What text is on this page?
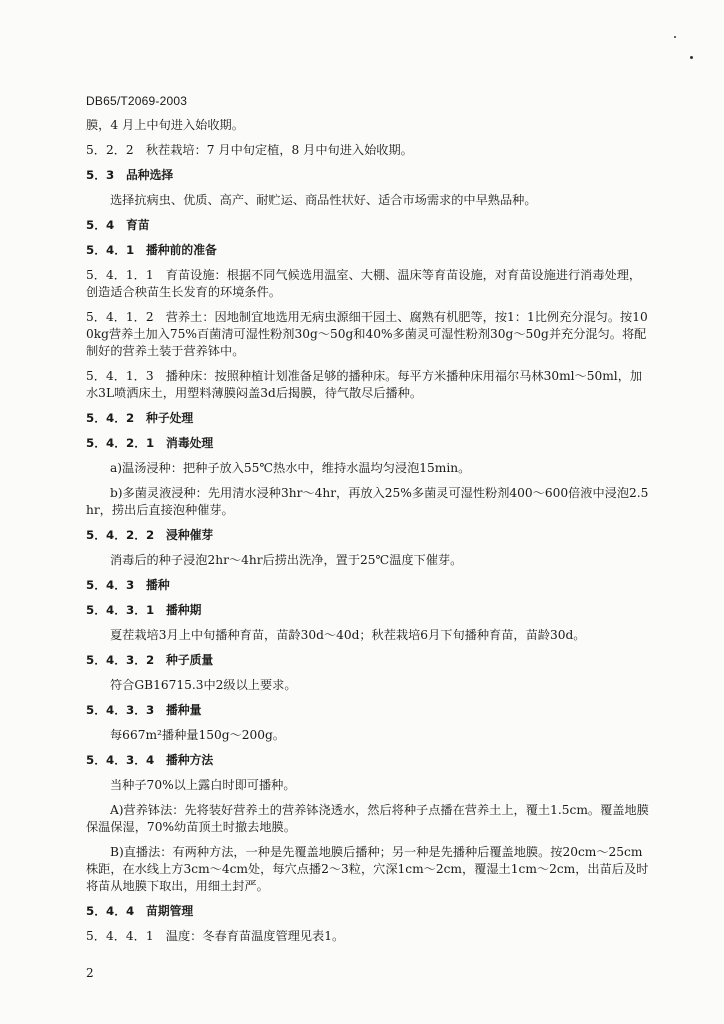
DB65/T2069-2003
膜，4 月上中旬进入始收期。
5．2．2　秋茬栽培：7 月中旬定植，8 月中旬进入始收期。
5．3　品种选择
选择抗病虫、优质、高产、耐贮运、商品性状好、适合市场需求的中早熟品种。
5．4　育苗
5．4．1　播种前的准备
5．4．1．1　育苗设施：根据不同气候选用温室、大棚、温床等育苗设施，对育苗设施进行消毒处理，创造适合秧苗生长发育的环境条件。
5．4．1．2　营养土：因地制宜地选用无病虫源细干园土、腐熟有机肥等，按1：1比例充分混匀。按100kg营养土加入75%百菌清可湿性粉剂30g～50g和40%多菌灵可湿性粉剂30g～50g并充分混匀。将配制好的营养土装于营养钵中。
5．4．1．3　播种床：按照种植计划准备足够的播种床。每平方米播种床用福尔马林30ml～50ml，加水3L喷洒床土，用塑料薄膜闷盖3d后揭膜，待气散尽后播种。
5．4．2　种子处理
5．4．2．1　消毒处理
a)温汤浸种：把种子放入55℃热水中，维持水温均匀浸泡15min。
b)多菌灵液浸种：先用清水浸种3hr～4hr，再放入25%多菌灵可湿性粉剂400～600倍液中浸泡2.5hr，捞出后直接泡种催芽。
5．4．2．2　浸种催芽
消毒后的种子浸泡2hr～4hr后捞出洗净，置于25℃温度下催芽。
5．4．3　播种
5．4．3．1　播种期
夏茬栽培3月上中旬播种育苗，苗龄30d～40d；秋茬栽培6月下旬播种育苗，苗龄30d。
5．4．3．2　种子质量
符合GB16715.3中2级以上要求。
5．4．3．3　播种量
每667m²播种量150g～200g。
5．4．3．4　播种方法
当种子70%以上露白时即可播种。
A)营养钵法：先将装好营养土的营养钵浇透水，然后将种子点播在营养土上，覆土1.5cm。覆盖地膜保温保湿，70%幼苗顶土时撤去地膜。
B)直播法：有两种方法，一种是先覆盖地膜后播种；另一种是先播种后覆盖地膜。按20cm～25cm株距，在水线上方3cm～4cm处，每穴点播2～3粒，穴深1cm～2cm，覆湿土1cm～2cm，出苗后及时将苗从地膜下取出，用细土封严。
5．4．4　苗期管理
5．4．4．1　温度：冬春育苗温度管理见表1。
2
